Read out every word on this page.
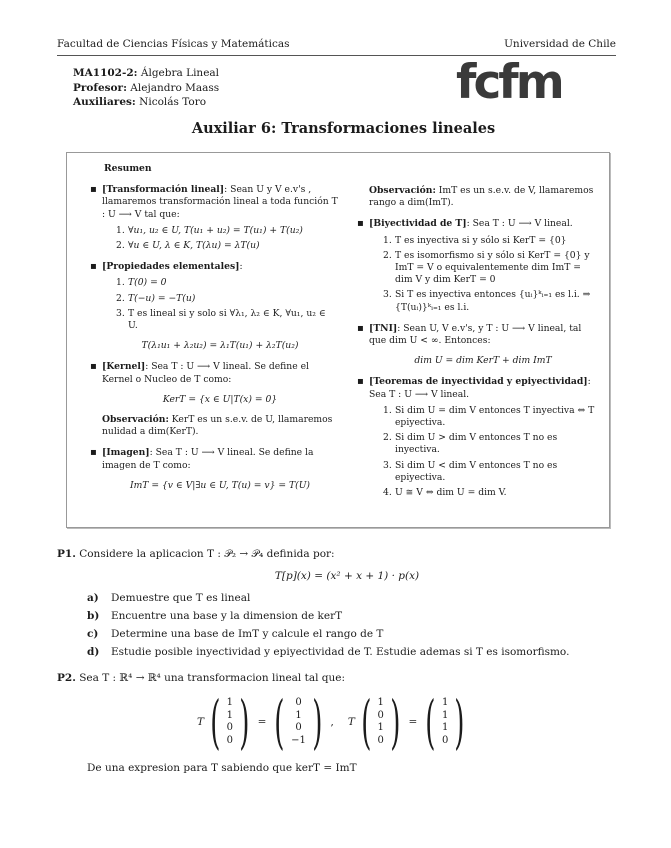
Facultad de Ciencias Físicas y Matemáticas	Universidad de Chile
MA1102-2: Álgebra Lineal
Profesor: Alejandro Maass
Auxiliares: Nicolás Toro	fcfm
Auxiliar 6: Transformaciones lineales
Resumen
▪ [Transformación lineal]: Sean U y V e.v's , llamaremos transformación lineal a toda función T : U ⟶ V tal que:
1. ∀u₁, u₂ ∈ U, T(u₁ + u₂) = T(u₁) + T(u₂)
2. ∀u ∈ U, λ ∈ K, T(λu) = λT(u)
▪ [Propiedades elementales]:
1. T(0) = 0
2. T(−u) = −T(u)
3. T es lineal si y solo si ∀λ₁, λ₂ ∈ K, ∀u₁, u₂ ∈ U.
T(λ₁u₁ + λ₂u₂) = λ₁T(u₁) + λ₂T(u₂)
▪ [Kernel]: Sea T : U ⟶ V lineal. Se define el Kernel o Nucleo de T como:
KerT = {x ∈ U|T(x) = 0}
Observación: KerT es un s.e.v. de U, llamaremos nulidad a dim(KerT).
▪ [Imagen]: Sea T : U ⟶ V lineal. Se define la imagen de T como:
ImT = {v ∈ V|∃u ∈ U, T(u) = v} = T(U)
Observación: ImT es un s.e.v. de V, llamaremos rango a dim(ImT).
▪ [Biyectividad de T]: Sea T : U ⟶ V lineal.
1. T es inyectiva si y sólo si KerT = {0}
2. T es isomorfismo si y sólo si KerT = {0} y ImT = V o equivalentemente dim ImT = dim V y dim KerT = 0
3. Si T es inyectiva entonces {uᵢ}ᵏᵢ₌₁ es l.i. ⇒ {T(uᵢ)}ᵏᵢ₌₁ es l.i.
▪ [TNI]: Sean U, V e.v's, y T : U ⟶ V lineal, tal que dim U < ∞. Entonces:
dim U = dim KerT + dim ImT
▪ [Teoremas de inyectividad y epiyectividad]: Sea T : U ⟶ V lineal.
1. Si dim U = dim V entonces T inyectiva ⇔ T epiyectiva.
2. Si dim U > dim V entonces T no es inyectiva.
3. Si dim U < dim V entonces T no es epiyectiva.
4. U ≅ V ⇔ dim U = dim V.
P1. Considere la aplicacion T : 𝒫₂ → 𝒫₄ definida por:
T[p](x) = (x² + x + 1) · p(x)
a) Demuestre que T es lineal
b) Encuentre una base y la dimension de kerT
c) Determine una base de ImT y calcule el rango de T
d) Estudie posible inyectividad y epiyectividad de T. Estudie ademas si T es isomorfismo.
P2. Sea T : ℝ⁴ → ℝ⁴ una transformacion lineal tal que:
T ( 1
1
0
0 ) = ( 0
1
0
−1 ) , T ( 1
0
1
0 ) = ( 1
1
1
0 )
De una expresion para T sabiendo que kerT = ImT
